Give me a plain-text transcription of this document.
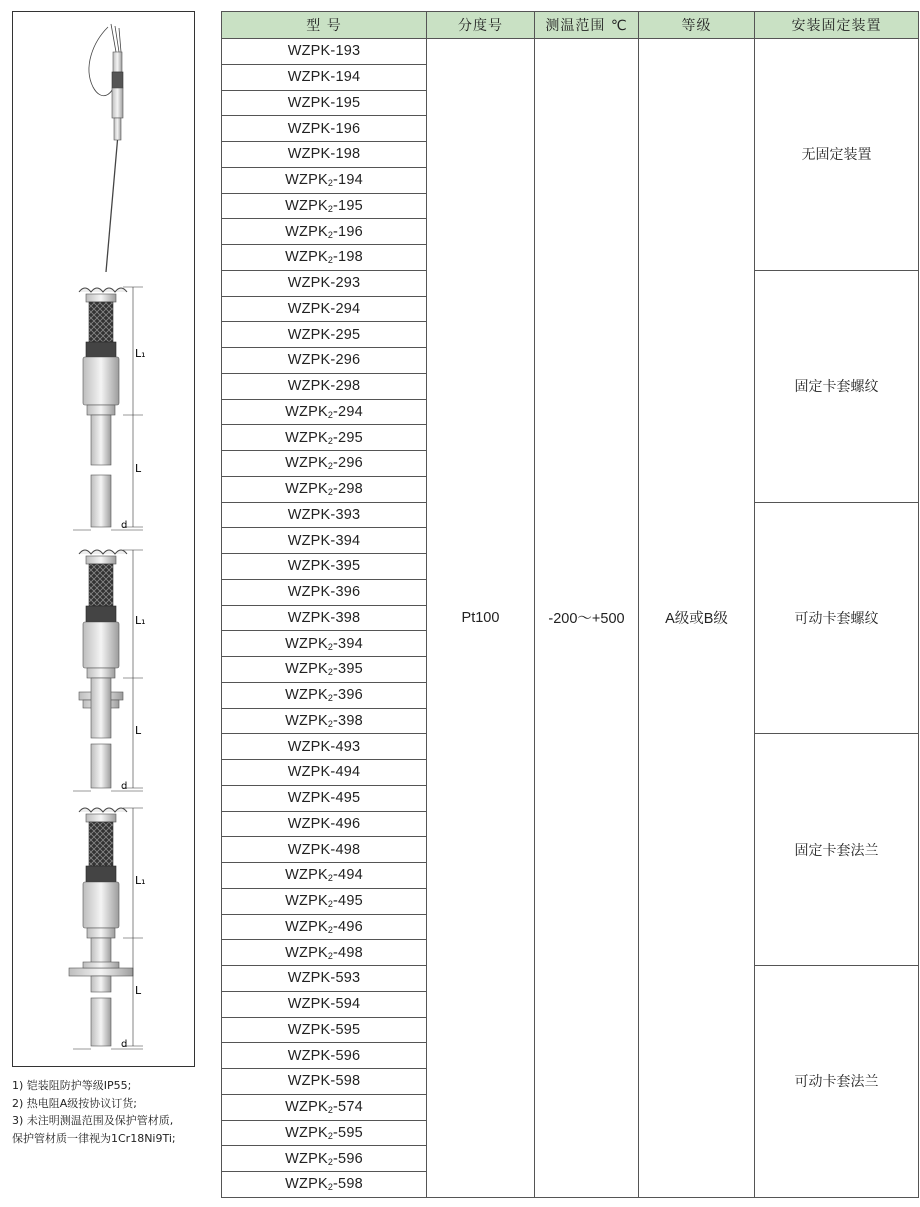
L₁
L
d
L₁
L
d
L₁
L
d
1) 铠装阻防护等级IP55;
2) 热电阻A级按协议订货;
3) 未注明测温范围及保护管材质,
保护管材质一律视为1Cr18Ni9Ti;
型 号	分度号	测温范围 ℃	等级	安装固定装置
WZPK-193	Pt100	-200～+500	A级或B级	无固定装置
WZPK-194				
WZPK-195				
WZPK-196				
WZPK-198				
$WZPK_2-194$				
$WZPK_2-195$				
$WZPK_2-196$				
$WZPK_2-198$				
WZPK-293				固定卡套螺纹
WZPK-294				
WZPK-295				
WZPK-296				
WZPK-298				
$WZPK_2-294$				
$WZPK_2-295$				
$WZPK_2-296$				
$WZPK_2-298$				
WZPK-393				可动卡套螺纹
WZPK-394				
WZPK-395				
WZPK-396				
WZPK-398				
$WZPK_2-394$				
$WZPK_2-395$				
$WZPK_2-396$				
$WZPK_2-398$				
WZPK-493				固定卡套法兰
WZPK-494				
WZPK-495				
WZPK-496				
WZPK-498				
$WZPK_2-494$				
$WZPK_2-495$				
$WZPK_2-496$				
$WZPK_2-498$				
WZPK-593				可动卡套法兰
WZPK-594				
WZPK-595				
WZPK-596				
WZPK-598				
$WZPK_2-574$				
$WZPK_2-595$				
$WZPK_2-596$				
$WZPK_2-598$				
